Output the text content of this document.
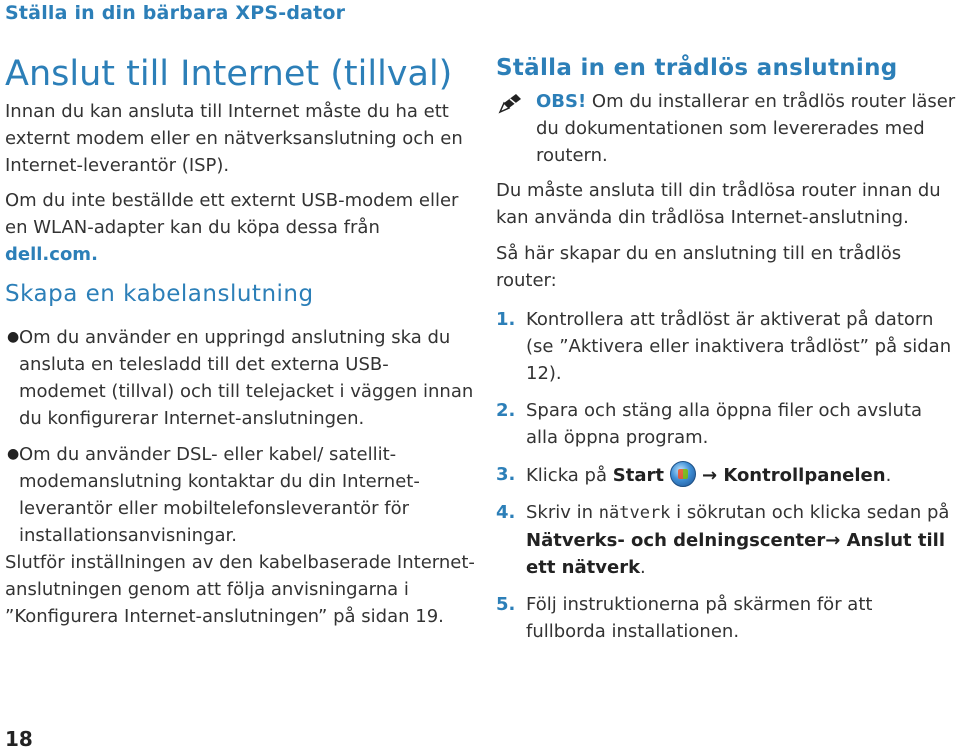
Ställa in din bärbara XPS-dator
Anslut till Internet (tillval)

Innan du kan ansluta till Internet måste du ha ett externt modem eller en nätverksanslutning och en Internet-leverantör (ISP).

Om du inte beställde ett externt USB-modem eller en WLAN-adapter kan du köpa dessa från dell.com.

Skapa en kabelanslutning
● Om du använder en uppringd anslutning ska du ansluta en telesladd till det externa USB-modemet (tillval) och till telejacket i väggen innan du konfigurerar Internet-anslutningen.
● Om du använder DSL- eller kabel/ satellit-modemanslutning kontaktar du din Internet-leverantör eller mobiltelefonsleverantör för installationsanvisningar.

Slutför inställningen av den kabelbaserade Internet-anslutningen genom att följa anvisningarna i ”Konfigurera Internet-anslutningen” på sidan 19.

Ställa in en trådlös anslutning
OBS! Om du installerar en trådlös router läser du dokumentationen som levererades med routern.

Du måste ansluta till din trådlösa router innan du kan använda din trådlösa Internet-anslutning.

Så här skapar du en anslutning till en trådlös router:

1. Kontrollera att trådlöst är aktiverat på datorn (se ”Aktivera eller inaktivera trådlöst” på sidan 12).
2. Spara och stäng alla öppna filer och avsluta alla öppna program.
3. Klicka på Start → Kontrollpanelen.
4. Skriv in nätverk i sökrutan och klicka sedan på Nätverks- och delningscenter→ Anslut till ett nätverk.
5. Följ instruktionerna på skärmen för att fullborda installationen.
18
